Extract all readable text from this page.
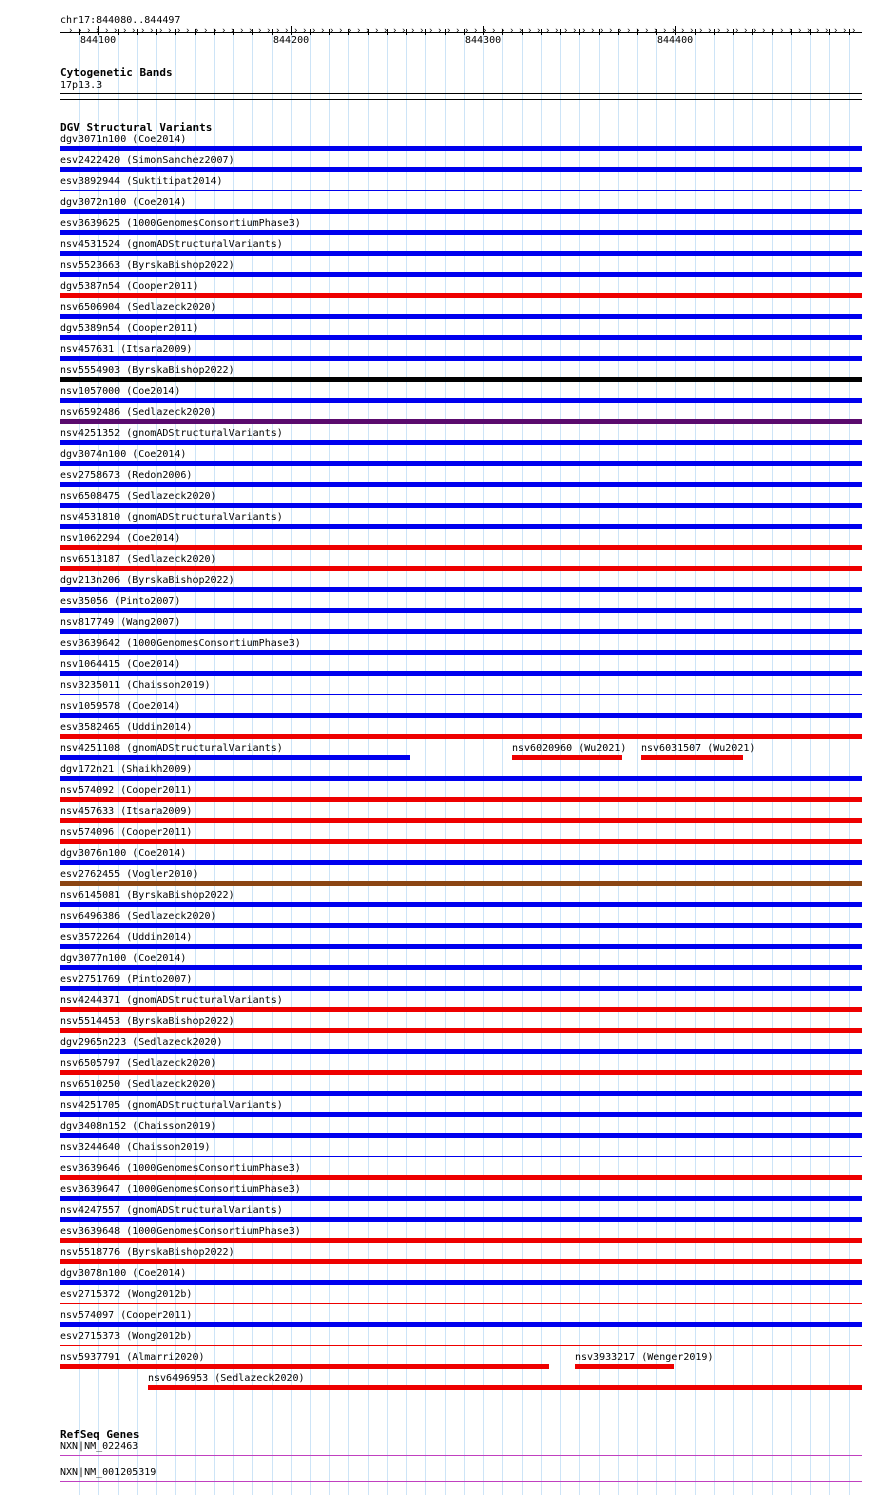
chr17:844080..844497
844100	844200	844300	844400
› › › › › › › › › › › › › › › › › › › › › › › › › › › › › › › › › › › › › › › › › › › › › › › › › › › › › › › › › › › › › › › › › › › › › › › › › › › › › › › › › › › › › › › ›
Cytogenetic Bands
17p13.3
DGV Structural Variants
dgv3071n100 (Coe2014)
esv2422420 (SimonSanchez2007)
esv3892944 (Suktitipat2014)
dgv3072n100 (Coe2014)
esv3639625 (1000GenomesConsortiumPhase3)
nsv4531524 (gnomADStructuralVariants)
nsv5523663 (ByrskaBishop2022)
dgv5387n54 (Cooper2011)
nsv6506904 (Sedlazeck2020)
dgv5389n54 (Cooper2011)
nsv457631 (Itsara2009)
nsv5554903 (ByrskaBishop2022)
nsv1057000 (Coe2014)
nsv6592486 (Sedlazeck2020)
nsv4251352 (gnomADStructuralVariants)
dgv3074n100 (Coe2014)
esv2758673 (Redon2006)
nsv6508475 (Sedlazeck2020)
nsv4531810 (gnomADStructuralVariants)
nsv1062294 (Coe2014)
nsv6513187 (Sedlazeck2020)
dgv213n206 (ByrskaBishop2022)
esv35056 (Pinto2007)
nsv817749 (Wang2007)
esv3639642 (1000GenomesConsortiumPhase3)
nsv1064415 (Coe2014)
nsv3235011 (Chaisson2019)
nsv1059578 (Coe2014)
esv3582465 (Uddin2014)
nsv4251108 (gnomADStructuralVariants)	nsv6020960 (Wu2021) nsv6031507 (Wu2021)
dgv172n21 (Shaikh2009)
nsv574092 (Cooper2011)
nsv457633 (Itsara2009)
nsv574096 (Cooper2011)
dgv3076n100 (Coe2014)
esv2762455 (Vogler2010)
nsv6145081 (ByrskaBishop2022)
nsv6496386 (Sedlazeck2020)
esv3572264 (Uddin2014)
dgv3077n100 (Coe2014)
esv2751769 (Pinto2007)
nsv4244371 (gnomADStructuralVariants)
nsv5514453 (ByrskaBishop2022)
dgv2965n223 (Sedlazeck2020)
nsv6505797 (Sedlazeck2020)
nsv6510250 (Sedlazeck2020)
nsv4251705 (gnomADStructuralVariants)
dgv3408n152 (Chaisson2019)
nsv3244640 (Chaisson2019)
esv3639646 (1000GenomesConsortiumPhase3)
esv3639647 (1000GenomesConsortiumPhase3)
nsv4247557 (gnomADStructuralVariants)
esv3639648 (1000GenomesConsortiumPhase3)
nsv5518776 (ByrskaBishop2022)
dgv3078n100 (Coe2014)
esv2715372 (Wong2012b)
nsv574097 (Cooper2011)
esv2715373 (Wong2012b)
nsv5937791 (Almarri2020)	nsv3933217 (Wenger2019)
nsv6496953 (Sedlazeck2020)
RefSeq Genes
NXN|NM_022463
NXN|NM_001205319
